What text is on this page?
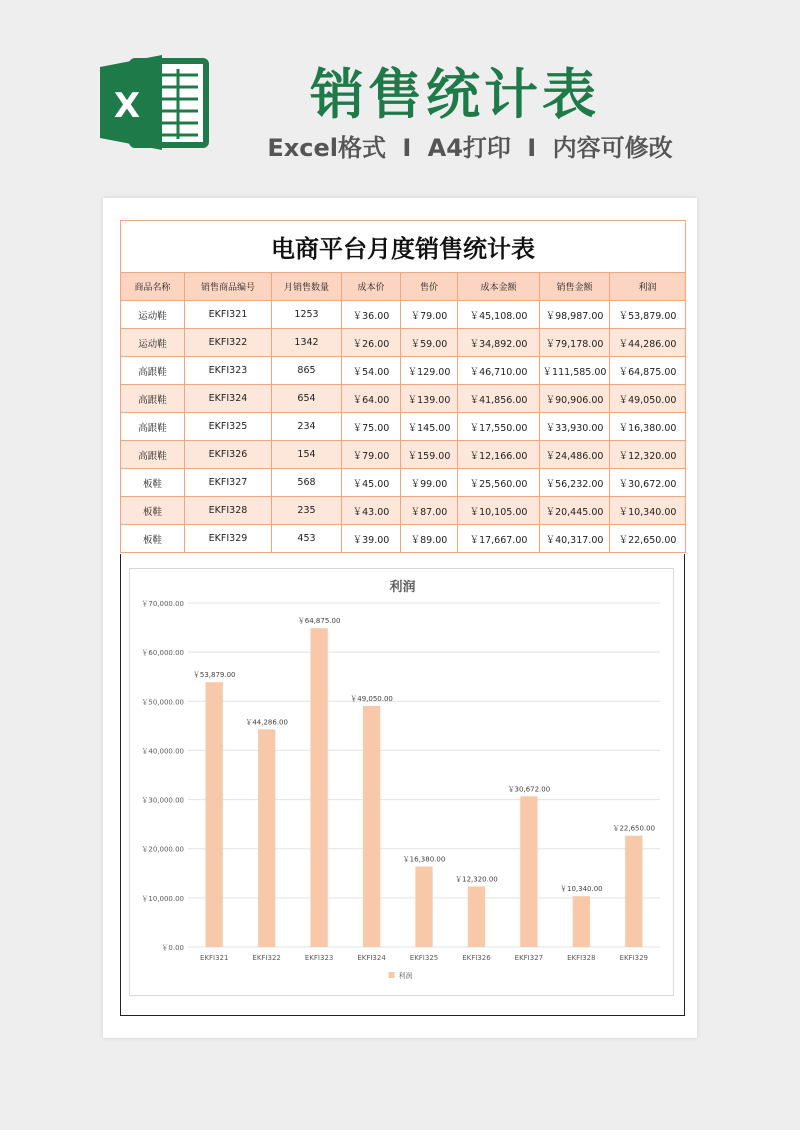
X	销售统计表
Excel格式 I A4打印 I 内容可修改
电商平台月度销售统计表							
商品名称	销售商品编号	月销售数量	成本价	售价	成本金额	销售金额	利润
运动鞋	EKFI321	1253	￥36.00	￥79.00	￥45,108.00	￥98,987.00	￥53,879.00
运动鞋	EKFI322	1342	￥26.00	￥59.00	￥34,892.00	￥79,178.00	￥44,286.00
高跟鞋	EKFI323	865	￥54.00	￥129.00	￥46,710.00	￥111,585.00	￥64,875.00
高跟鞋	EKFI324	654	￥64.00	￥139.00	￥41,856.00	￥90,906.00	￥49,050.00
高跟鞋	EKFI325	234	￥75.00	￥145.00	￥17,550.00	￥33,930.00	￥16,380.00
高跟鞋	EKFI326	154	￥79.00	￥159.00	￥12,166.00	￥24,486.00	￥12,320.00
板鞋	EKFI327	568	￥45.00	￥99.00	￥25,560.00	￥56,232.00	￥30,672.00
板鞋	EKFI328	235	￥43.00	￥87.00	￥10,105.00	￥20,445.00	￥10,340.00
板鞋	EKFI329	453	￥39.00	￥89.00	￥17,667.00	￥40,317.00	￥22,650.00
利润
￥0.00
￥10,000.00
￥20,000.00
￥30,000.00
￥40,000.00
￥50,000.00
￥60,000.00
￥70,000.00
￥53,879.00
EKFI321
￥44,286.00
EKFI322
￥64,875.00
EKFI323
￥49,050.00
EKFI324
￥16,380.00
EKFI325
￥12,320.00
EKFI326
￥30,672.00
EKFI327
￥10,340.00
EKFI328
￥22,650.00
EKFI329
利润
